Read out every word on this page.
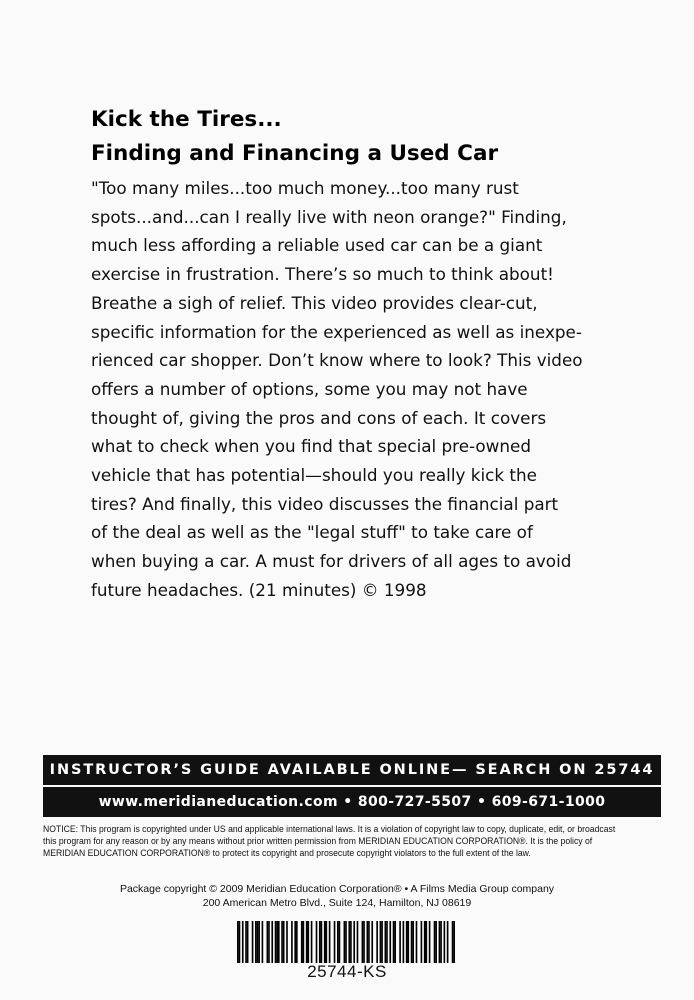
Kick the Tires...
Finding and Financing a Used Car
"Too many miles...too much money...too many rust
spots...and...can I really live with neon orange?" Finding,
much less affording a reliable used car can be a giant
exercise in frustration. There’s so much to think about!
Breathe a sigh of relief. This video provides clear-cut,
specific information for the experienced as well as inexpe-
rienced car shopper. Don’t know where to look? This video
offers a number of options, some you may not have
thought of, giving the pros and cons of each. It covers
what to check when you find that special pre-owned
vehicle that has potential—should you really kick the
tires? And finally, this video discusses the financial part
of the deal as well as the "legal stuff" to take care of
when buying a car. A must for drivers of all ages to avoid
future headaches. (21 minutes) © 1998
INSTRUCTOR’S GUIDE AVAILABLE ONLINE— SEARCH ON 25744
www.meridianeducation.com • 800-727-5507 • 609-671-1000
NOTICE: This program is copyrighted under US and applicable international laws. It is a violation of copyright law to copy, duplicate, edit, or broadcast
this program for any reason or by any means without prior written permission from MERIDIAN EDUCATION CORPORATION®. It is the policy of
MERIDIAN EDUCATION CORPORATION® to protect its copyright and prosecute copyright violators to the full extent of the law.
Package copyright © 2009 Meridian Education Corporation® • A Films Media Group company
200 American Metro Blvd., Suite 124, Hamilton, NJ 08619
25744-KS
